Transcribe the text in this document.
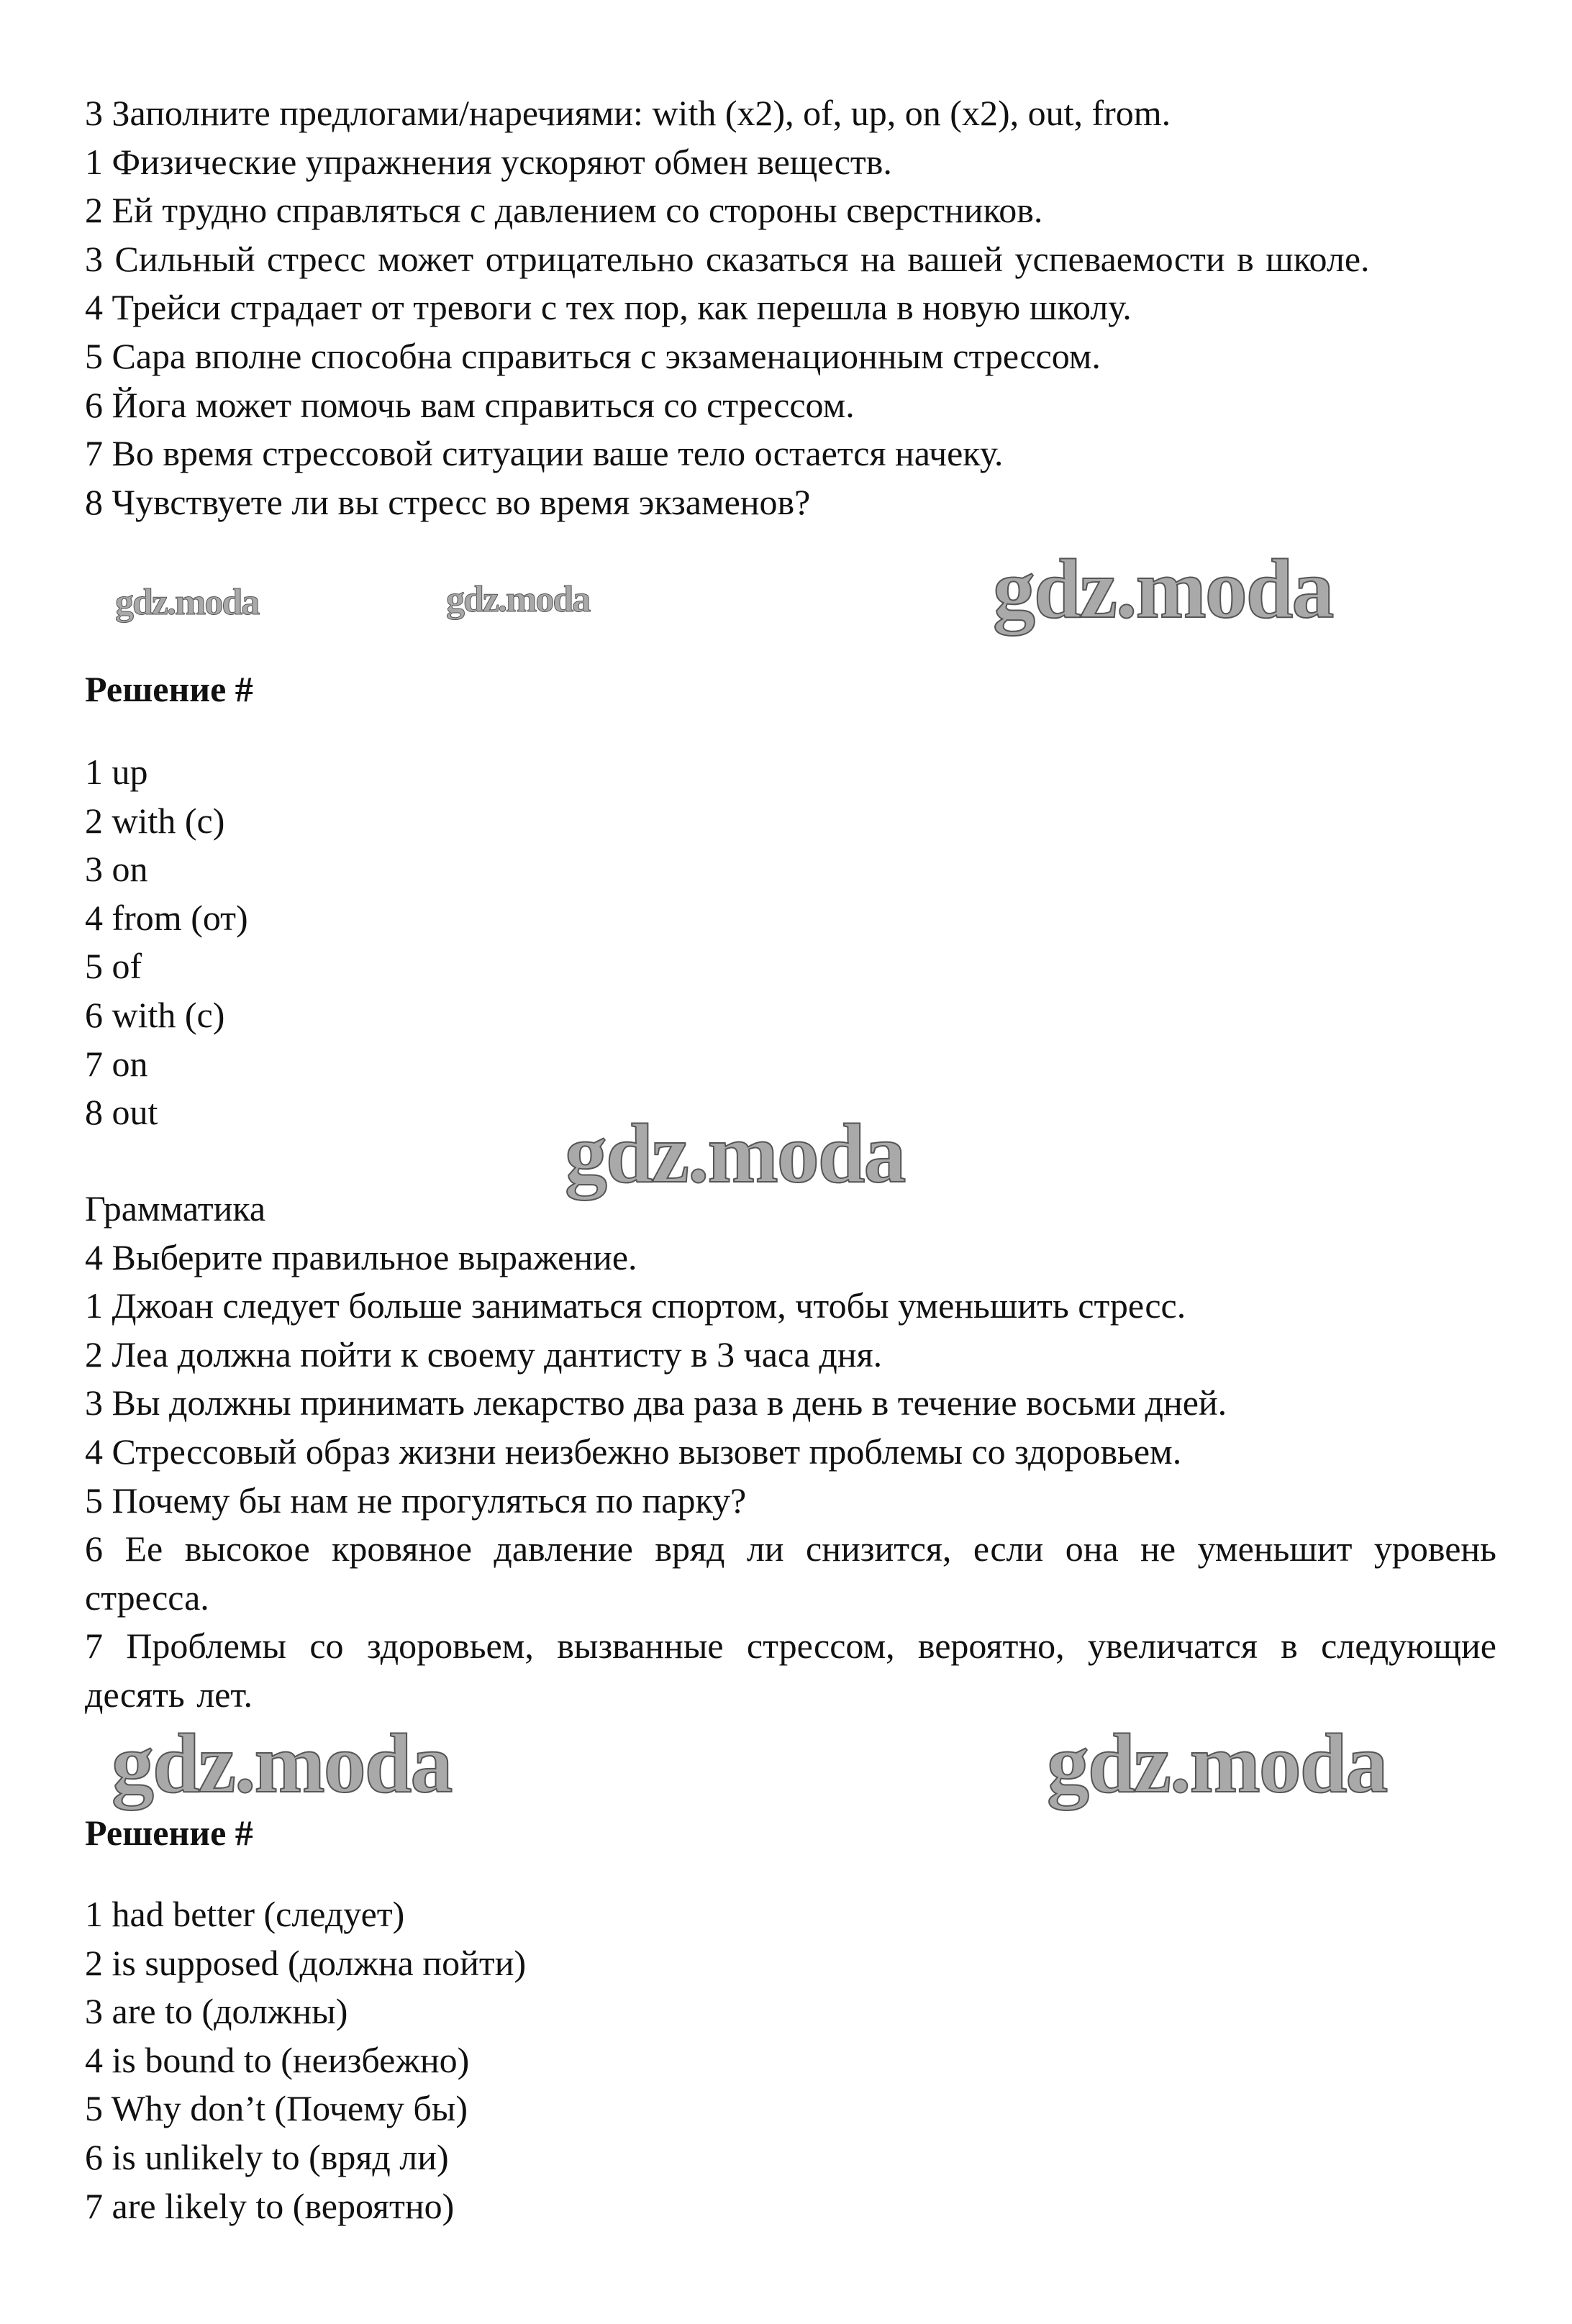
3 Заполните предлогами/наречиями: with (x2), of, up, on (x2), out, from.
1 Физические упражнения ускоряют обмен веществ.
2 Ей трудно справляться с давлением со стороны сверстников.
3 Сильный стресс может отрицательно сказаться на вашей успеваемости в школе.
4 Трейси страдает от тревоги с тех пор, как перешла в новую школу.
5 Сара вполне способна справиться с экзаменационным стрессом.
6 Йога может помочь вам справиться со стрессом.
7 Во время стрессовой ситуации ваше тело остается начеку.
8 Чувствуете ли вы стресс во время экзаменов?
Решение #
1 up
2 with (с)
3 on
4 from (от)
5 of
6 with (с)
7 on
8 out
Грамматика
4 Выберите правильное выражение.
1 Джоан следует больше заниматься спортом, чтобы уменьшить стресс.
2 Леа должна пойти к своему дантисту в 3 часа дня.
3 Вы должны принимать лекарство два раза в день в течение восьми дней.
4 Стрессовый образ жизни неизбежно вызовет проблемы со здоровьем.
5 Почему бы нам не прогуляться по парку?
6 Ее высокое кровяное давление вряд ли снизится, если она не уменьшит уровень стресса.
7 Проблемы со здоровьем, вызванные стрессом, вероятно, увеличатся в следующие десять лет.
Решение #
1 had better (следует)
2 is supposed (должна пойти)
3 are to (должны)
4 is bound to (неизбежно)
5 Why don’t (Почему бы)
6 is unlikely to (вряд ли)
7 are likely to (вероятно)
gdz.moda
gdz.moda	gdz.moda
gdz.moda
gdz.moda	gdz.moda
